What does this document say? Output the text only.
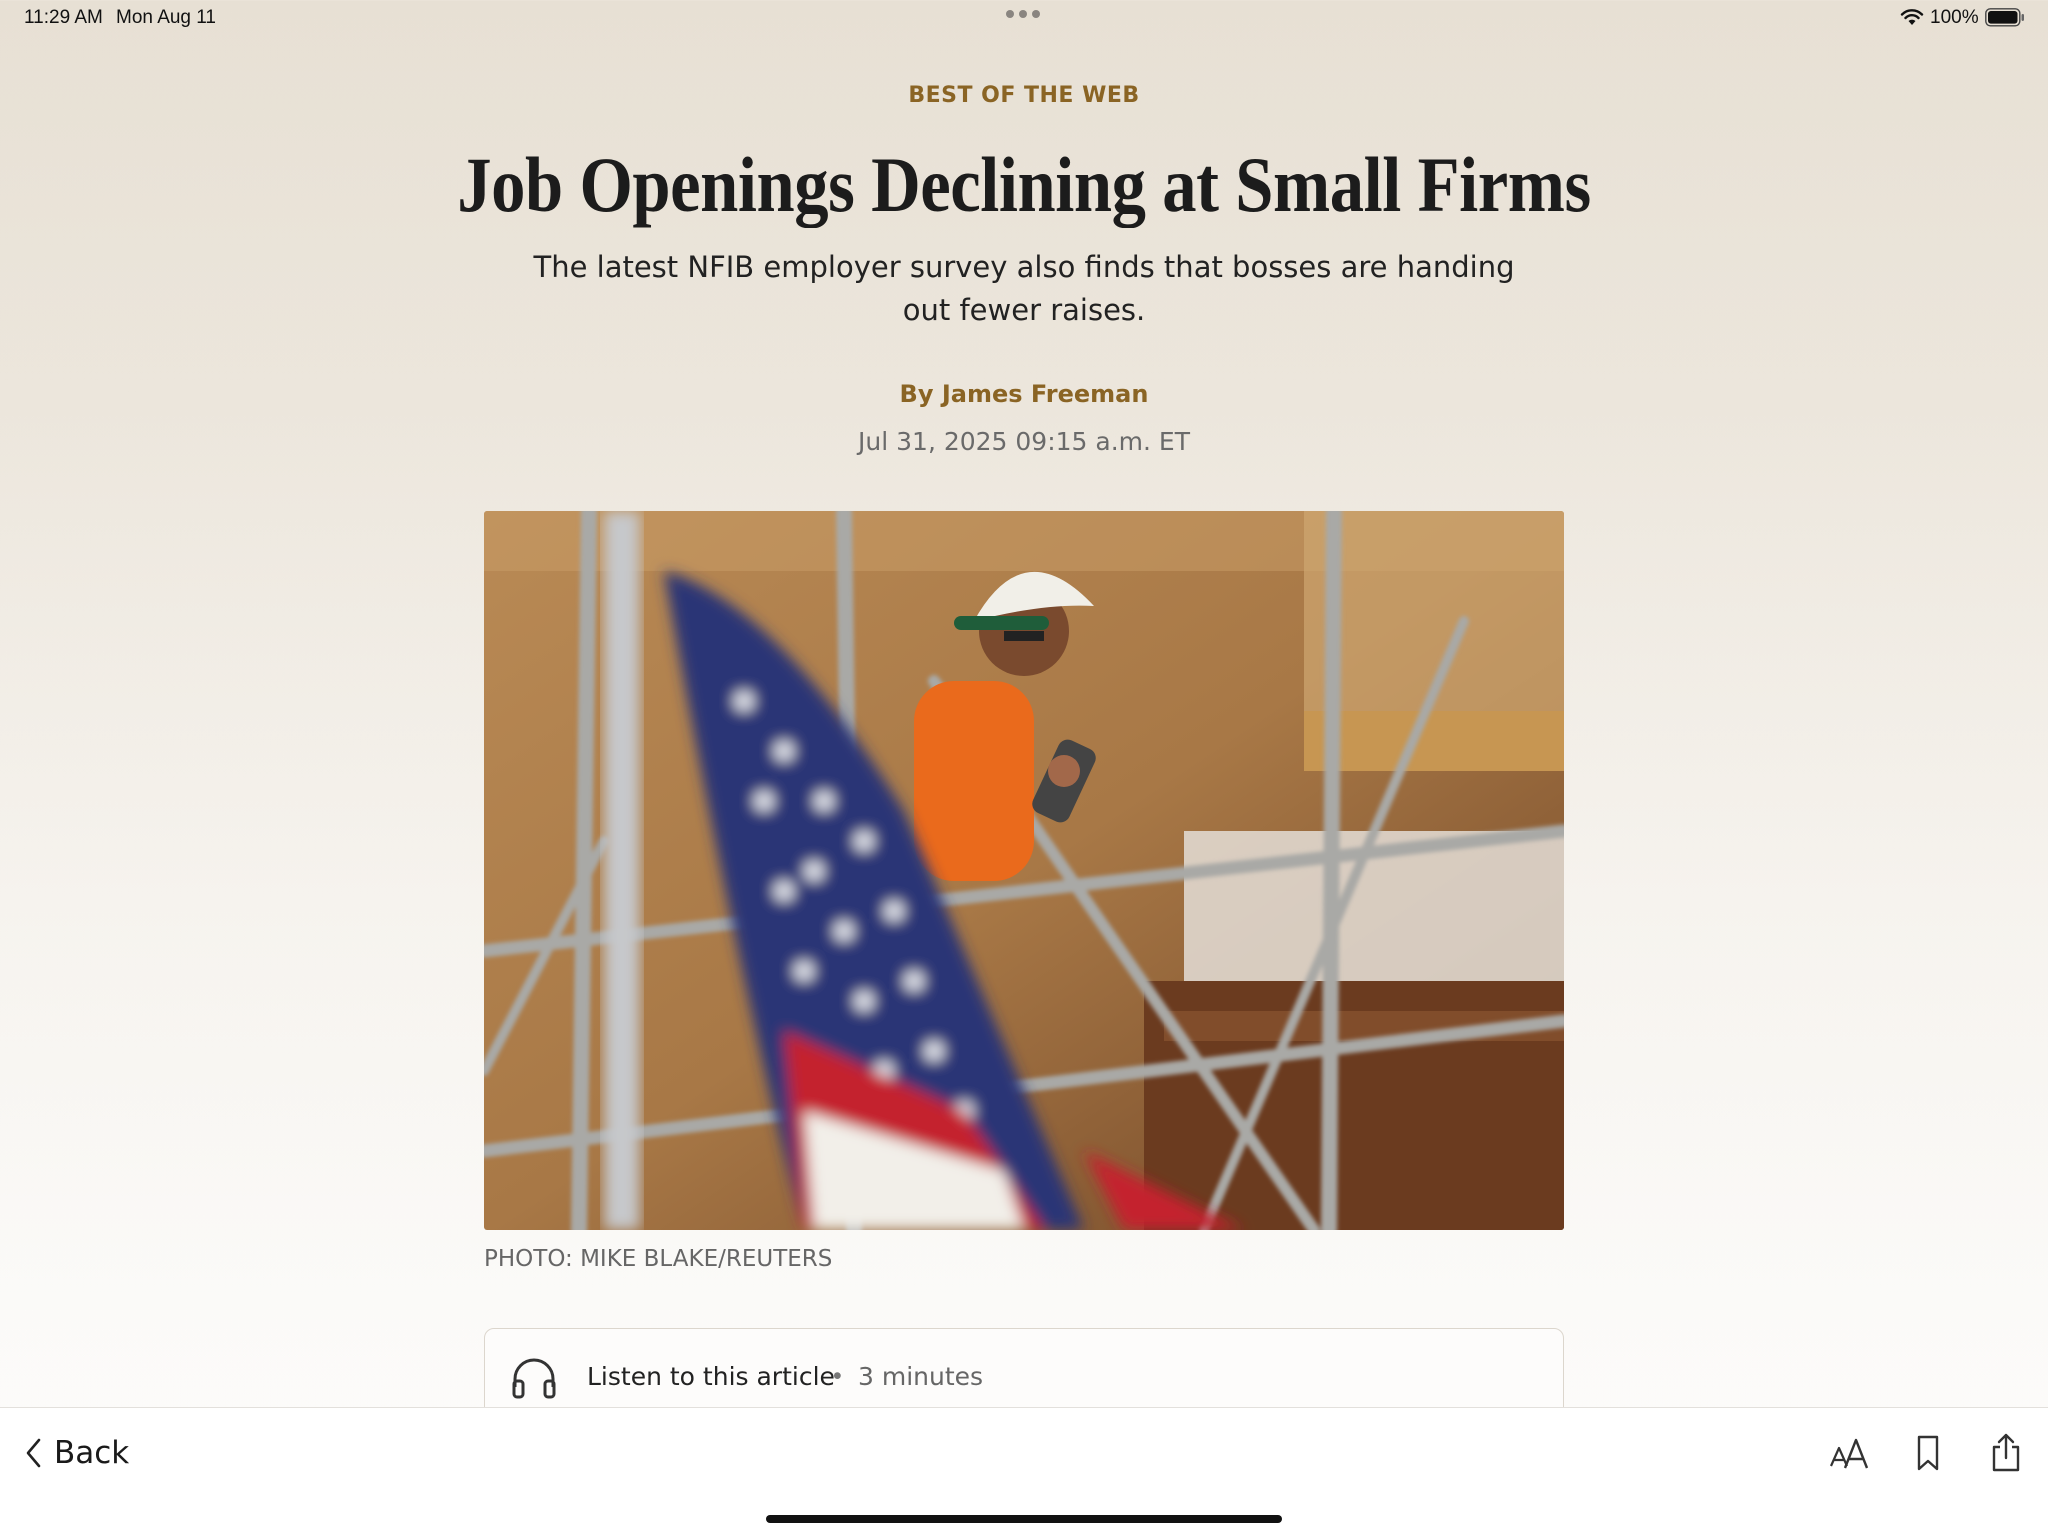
11:29 AM Mon Aug 11	100%
BEST OF THE WEB
Job Openings Declining at Small Firms
The latest NFIB employer survey also finds that bosses are handing out fewer raises.
By James Freeman
Jul 31, 2025 09:15 a.m. ET
PHOTO: MIKE BLAKE/REUTERS
Listen to this article
• 3 minutes
Back
